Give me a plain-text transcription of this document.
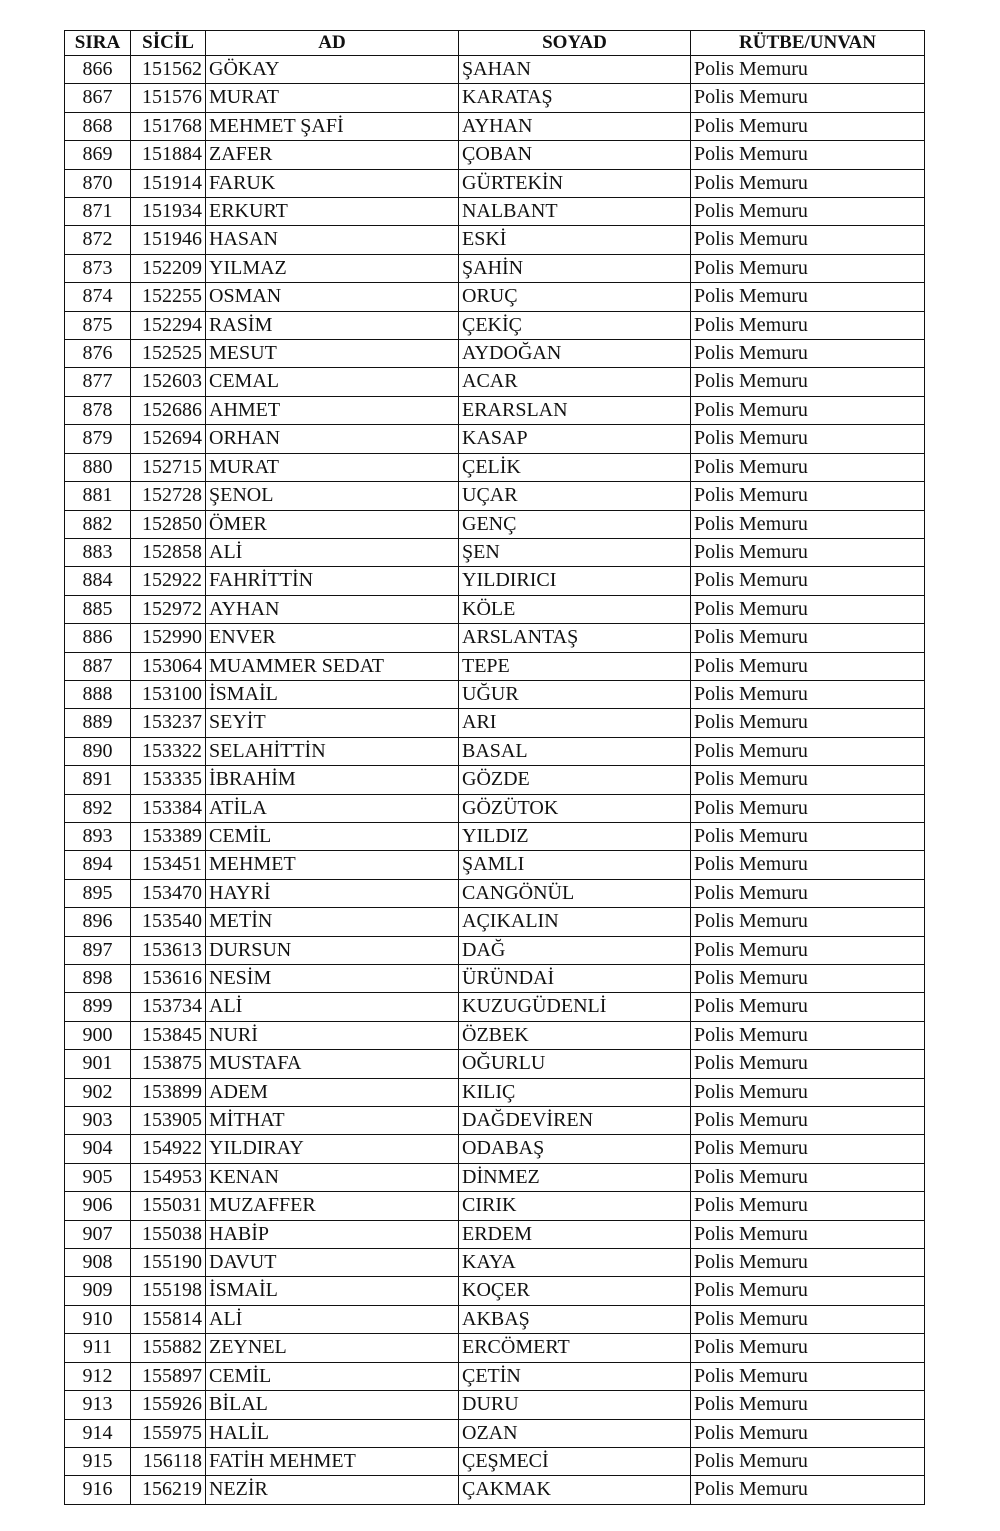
SIRA	SİCİL	AD	SOYAD	RÜTBE/UNVAN
866	151562	GÖKAY	ŞAHAN	Polis Memuru
867	151576	MURAT	KARATAŞ	Polis Memuru
868	151768	MEHMET ŞAFİ	AYHAN	Polis Memuru
869	151884	ZAFER	ÇOBAN	Polis Memuru
870	151914	FARUK	GÜRTEKİN	Polis Memuru
871	151934	ERKURT	NALBANT	Polis Memuru
872	151946	HASAN	ESKİ	Polis Memuru
873	152209	YILMAZ	ŞAHİN	Polis Memuru
874	152255	OSMAN	ORUÇ	Polis Memuru
875	152294	RASİM	ÇEKİÇ	Polis Memuru
876	152525	MESUT	AYDOĞAN	Polis Memuru
877	152603	CEMAL	ACAR	Polis Memuru
878	152686	AHMET	ERARSLAN	Polis Memuru
879	152694	ORHAN	KASAP	Polis Memuru
880	152715	MURAT	ÇELİK	Polis Memuru
881	152728	ŞENOL	UÇAR	Polis Memuru
882	152850	ÖMER	GENÇ	Polis Memuru
883	152858	ALİ	ŞEN	Polis Memuru
884	152922	FAHRİTTİN	YILDIRICI	Polis Memuru
885	152972	AYHAN	KÖLE	Polis Memuru
886	152990	ENVER	ARSLANTAŞ	Polis Memuru
887	153064	MUAMMER SEDAT	TEPE	Polis Memuru
888	153100	İSMAİL	UĞUR	Polis Memuru
889	153237	SEYİT	ARI	Polis Memuru
890	153322	SELAHİTTİN	BASAL	Polis Memuru
891	153335	İBRAHİM	GÖZDE	Polis Memuru
892	153384	ATİLA	GÖZÜTOK	Polis Memuru
893	153389	CEMİL	YILDIZ	Polis Memuru
894	153451	MEHMET	ŞAMLI	Polis Memuru
895	153470	HAYRİ	CANGÖNÜL	Polis Memuru
896	153540	METİN	AÇIKALIN	Polis Memuru
897	153613	DURSUN	DAĞ	Polis Memuru
898	153616	NESİM	ÜRÜNDAİ	Polis Memuru
899	153734	ALİ	KUZUGÜDENLİ	Polis Memuru
900	153845	NURİ	ÖZBEK	Polis Memuru
901	153875	MUSTAFA	OĞURLU	Polis Memuru
902	153899	ADEM	KILIÇ	Polis Memuru
903	153905	MİTHAT	DAĞDEVİREN	Polis Memuru
904	154922	YILDIRAY	ODABAŞ	Polis Memuru
905	154953	KENAN	DİNMEZ	Polis Memuru
906	155031	MUZAFFER	CIRIK	Polis Memuru
907	155038	HABİP	ERDEM	Polis Memuru
908	155190	DAVUT	KAYA	Polis Memuru
909	155198	İSMAİL	KOÇER	Polis Memuru
910	155814	ALİ	AKBAŞ	Polis Memuru
911	155882	ZEYNEL	ERCÖMERT	Polis Memuru
912	155897	CEMİL	ÇETİN	Polis Memuru
913	155926	BİLAL	DURU	Polis Memuru
914	155975	HALİL	OZAN	Polis Memuru
915	156118	FATİH MEHMET	ÇEŞMECİ	Polis Memuru
916	156219	NEZİR	ÇAKMAK	Polis Memuru
